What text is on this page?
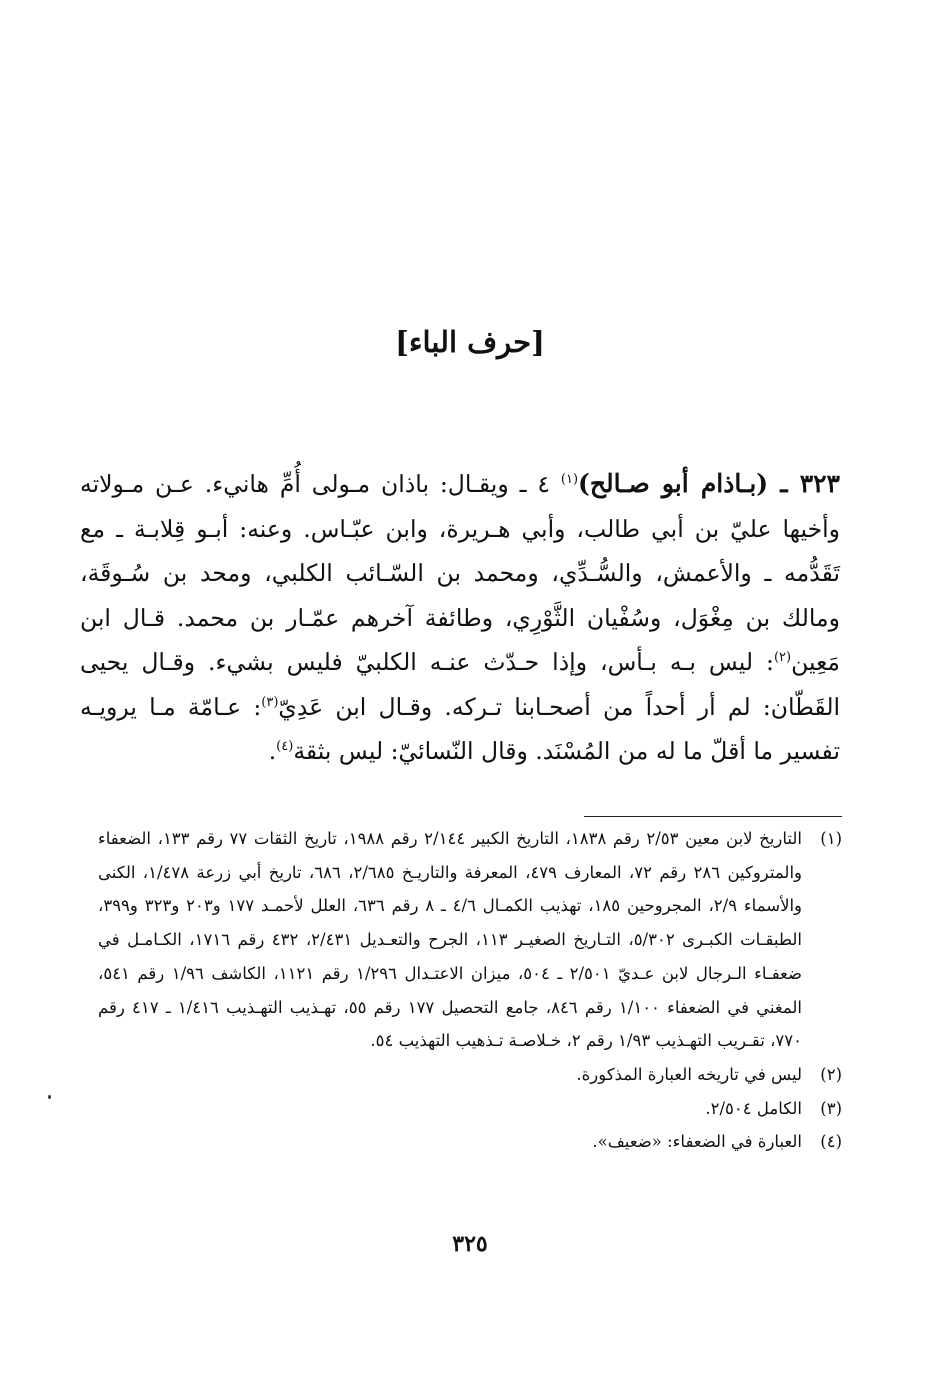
[حرف الباء]
٣٢٣ ـ (بـاذام أبو صـالح)$^{(١)}$ ٤ ـ ويقـال: باذان مـولى أُمِّ هانيء. عـن مـولاته وأخيها عليّ بن أبي طالب، وأبي هـريرة، وابن عبّـاس. وعنه: أبـو قِلابـة ـ مع تَقَدُّمه ـ والأعمش، والسُّـدِّي، ومحمد بن السّـائب الكلبي، ومحد بن سُـوقَة، ومالك بن مِغْوَل، وسُفْيان الثَّوْرِي، وطائفة آخرهم عمّـار بن محمد. قـال ابن مَعِين$^{(٢)}$: ليس بـه بـأس، وإذا حـدّث عنـه الكلبيّ فليس بشيء. وقـال يحيى القَطّان: لم أر أحداً من أصحـابنا تـركه. وقـال ابن عَدِيّ$^{(٣)}$: عـامّة مـا يرويـه تفسير ما أقلّ ما له من المُسْنَد. وقال النّسائيّ: ليس بثقة$^{(٤)}$.
(١)
التاريخ لابن معين ٢/٥٣ رقم ١٨٣٨، التاريخ الكبير ٢/١٤٤ رقم ١٩٨٨، تاريخ الثقات ٧٧ رقم ١٣٣، الضعفاء والمتروكين ٢٨٦ رقم ٧٢، المعارف ٤٧٩، المعرفة والتاريـخ ٢/٦٨٥، ٦٨٦، تاريخ أبي زرعة ١/٤٧٨، الكنى والأسماء ٢/٩، المجروحين ١٨٥، تهذيب الكمـال ٤/٦ ـ ٨ رقم ٦٣٦، العلل لأحمـد ١٧٧ و٢٠٣ و٣٢٣ و٣٩٩، الطبقـات الكبـرى ٥/٣٠٢، التـاريخ الصغيـر ١١٣، الجرح والتعـديل ٢/٤٣١، ٤٣٢ رقم ١٧١٦، الكـامـل في ضعفـاء الـرجال لابن عـديّ ٢/٥٠١ ـ ٥٠٤، ميزان الاعتـدال ١/٢٩٦ رقم ١١٢١، الكاشف ١/٩٦ رقم ٥٤١، المغني في الضعفاء ١/١٠٠ رقم ٨٤٦، جامع التحصيل ١٧٧ رقم ٥٥، تهـذيب التهـذيب ١/٤١٦ ـ ٤١٧ رقم ٧٧٠، تقـريب التهـذيب ١/٩٣ رقم ٢، خـلاصـة تـذهيب التهذيب ٥٤.
(٢)
ليس في تاريخه العبارة المذكورة.
(٣)
الكامل ٢/٥٠٤.
(٤)
العبارة في الضعفاء: «ضعيف».
٣٢٥
